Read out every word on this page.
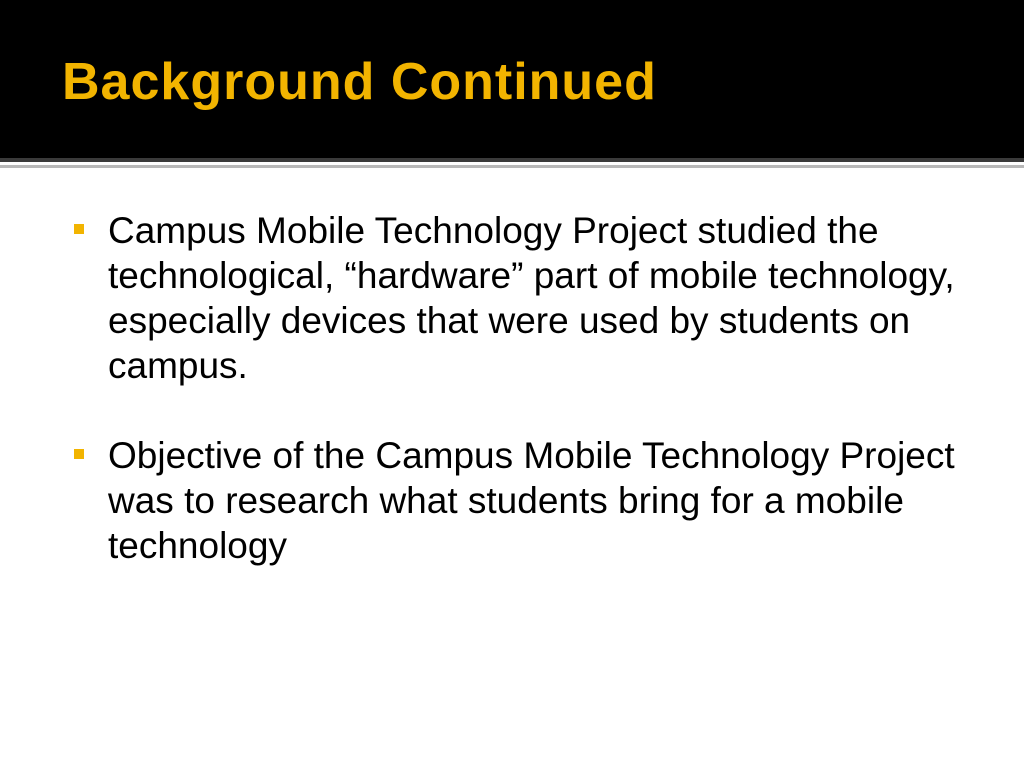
Background Continued
Campus Mobile Technology Project studied the technological, “hardware” part of mobile technology, especially devices that were used by students on campus.
Objective of the Campus Mobile Technology Project was to research what students bring for a mobile technology
